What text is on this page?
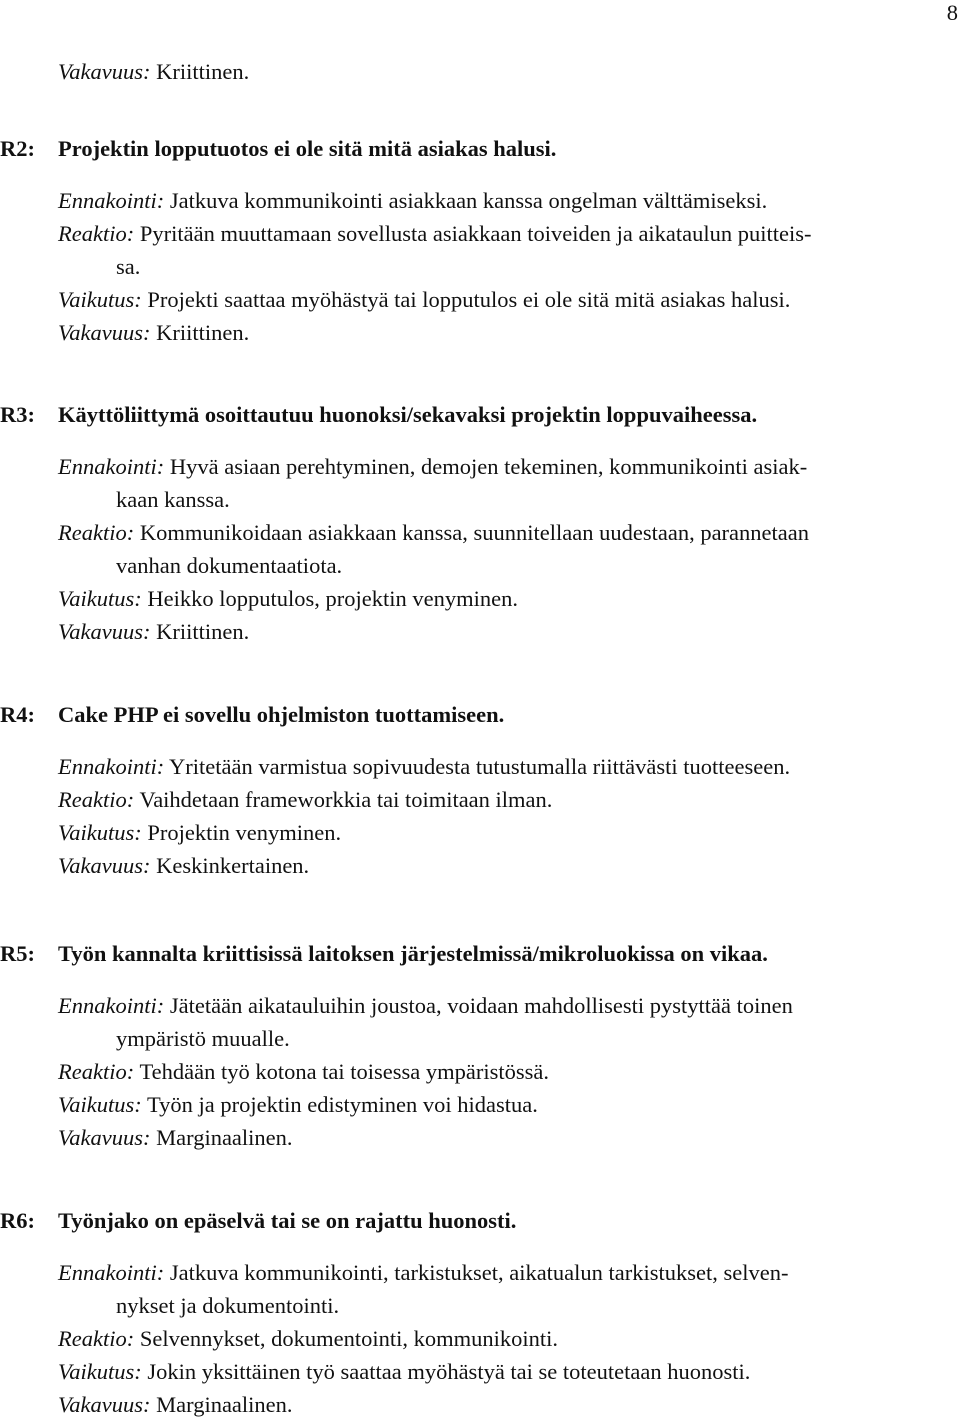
8
Vakavuus: Kriittinen.
R2:	Projektin lopputuotos ei ole sitä mitä asiakas halusi.
Ennakointi: Jatkuva kommunikointi asiakkaan kanssa ongelman välttämiseksi.
Reaktio: Pyritään muuttamaan sovellusta asiakkaan toiveiden ja aikataulun puitteis-
sa.
Vaikutus: Projekti saattaa myöhästyä tai lopputulos ei ole sitä mitä asiakas halusi.
Vakavuus: Kriittinen.
R3:	Käyttöliittymä osoittautuu huonoksi/sekavaksi projektin loppuvaiheessa.
Ennakointi: Hyvä asiaan perehtyminen, demojen tekeminen, kommunikointi asiak-
kaan kanssa.
Reaktio: Kommunikoidaan asiakkaan kanssa, suunnitellaan uudestaan, parannetaan
vanhan dokumentaatiota.
Vaikutus: Heikko lopputulos, projektin venyminen.
Vakavuus: Kriittinen.
R4:	Cake PHP ei sovellu ohjelmiston tuottamiseen.
Ennakointi: Yritetään varmistua sopivuudesta tutustumalla riittävästi tuotteeseen.
Reaktio: Vaihdetaan frameworkkia tai toimitaan ilman.
Vaikutus: Projektin venyminen.
Vakavuus: Keskinkertainen.
R5:	Työn kannalta kriittisissä laitoksen järjestelmissä/mikroluokissa on vikaa.
Ennakointi: Jätetään aikatauluihin joustoa, voidaan mahdollisesti pystyttää toinen
ympäristö muualle.
Reaktio: Tehdään työ kotona tai toisessa ympäristössä.
Vaikutus: Työn ja projektin edistyminen voi hidastua.
Vakavuus: Marginaalinen.
R6:	Työnjako on epäselvä tai se on rajattu huonosti.
Ennakointi: Jatkuva kommunikointi, tarkistukset, aikatualun tarkistukset, selven-
nykset ja dokumentointi.
Reaktio: Selvennykset, dokumentointi, kommunikointi.
Vaikutus: Jokin yksittäinen työ saattaa myöhästyä tai se toteutetaan huonosti.
Vakavuus: Marginaalinen.
